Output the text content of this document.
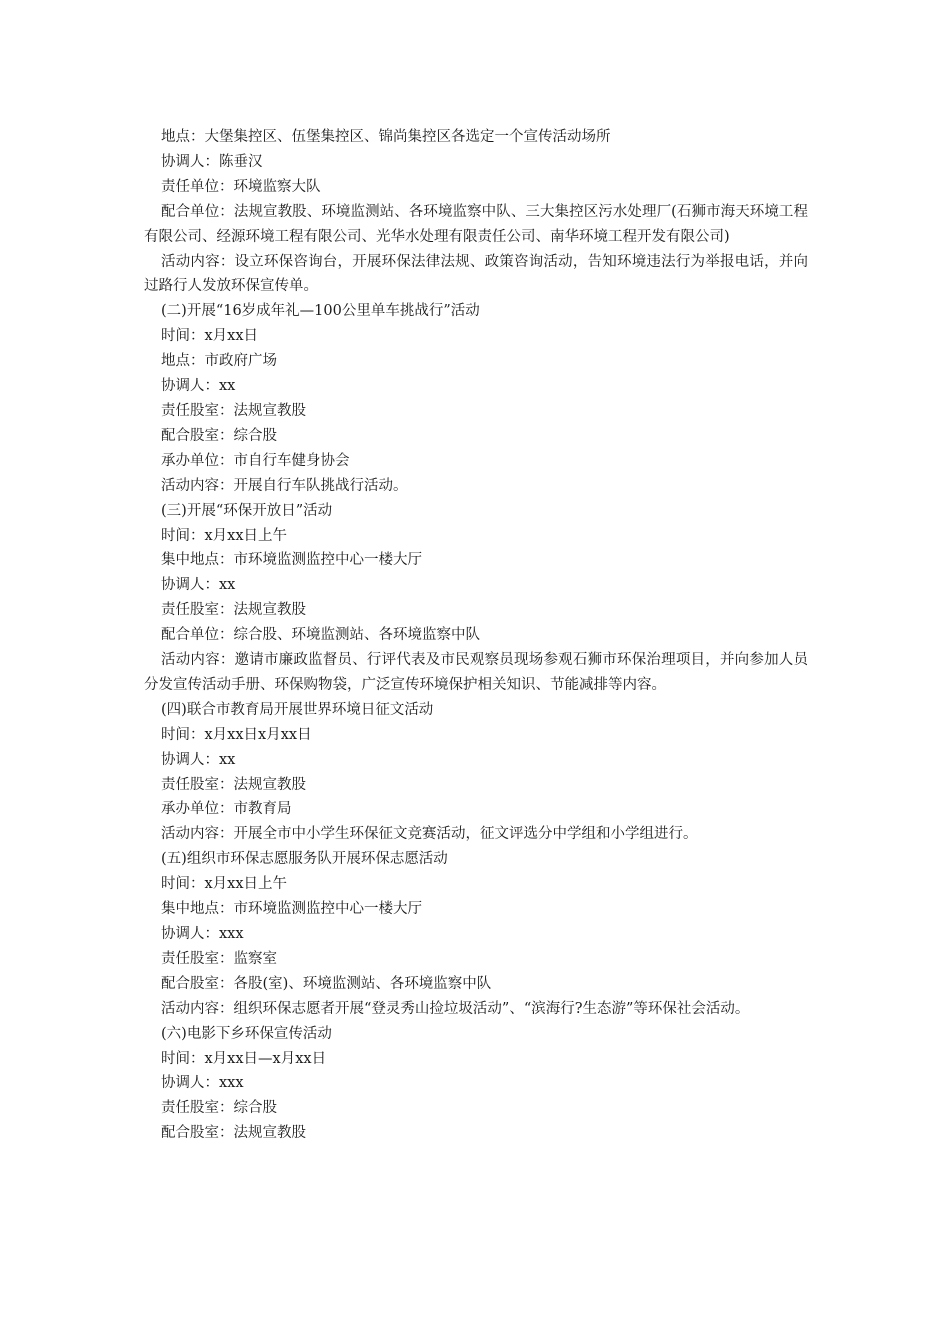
地点：大堡集控区、伍堡集控区、锦尚集控区各选定一个宣传活动场所

协调人：陈垂汉

责任单位：环境监察大队

配合单位：法规宣教股、环境监测站、各环境监察中队、三大集控区污水处理厂(石狮市海天环境工程有限公司、经源环境工程有限公司、光华水处理有限责任公司、南华环境工程开发有限公司)

活动内容：设立环保咨询台，开展环保法律法规、政策咨询活动，告知环境违法行为举报电话，并向过路行人发放环保宣传单。

(二)开展“16岁成年礼—100公里单车挑战行”活动

时间：x月xx日

地点：市政府广场

协调人：xx

责任股室：法规宣教股

配合股室：综合股

承办单位：市自行车健身协会

活动内容：开展自行车队挑战行活动。

(三)开展“环保开放日”活动

时间：x月xx日上午

集中地点：市环境监测监控中心一楼大厅

协调人：xx

责任股室：法规宣教股

配合单位：综合股、环境监测站、各环境监察中队

活动内容：邀请市廉政监督员、行评代表及市民观察员现场参观石狮市环保治理项目，并向参加人员分发宣传活动手册、环保购物袋，广泛宣传环境保护相关知识、节能减排等内容。

(四)联合市教育局开展世界环境日征文活动

时间：x月xx日x月xx日

协调人：xx

责任股室：法规宣教股

承办单位：市教育局

活动内容：开展全市中小学生环保征文竞赛活动，征文评选分中学组和小学组进行。

(五)组织市环保志愿服务队开展环保志愿活动

时间：x月xx日上午

集中地点：市环境监测监控中心一楼大厅

协调人：xxx

责任股室：监察室

配合股室：各股(室)、环境监测站、各环境监察中队

活动内容：组织环保志愿者开展“登灵秀山捡垃圾活动”、“滨海行?生态游”等环保社会活动。

(六)电影下乡环保宣传活动

时间：x月xx日—x月xx日

协调人：xxx

责任股室：综合股

配合股室：法规宣教股
